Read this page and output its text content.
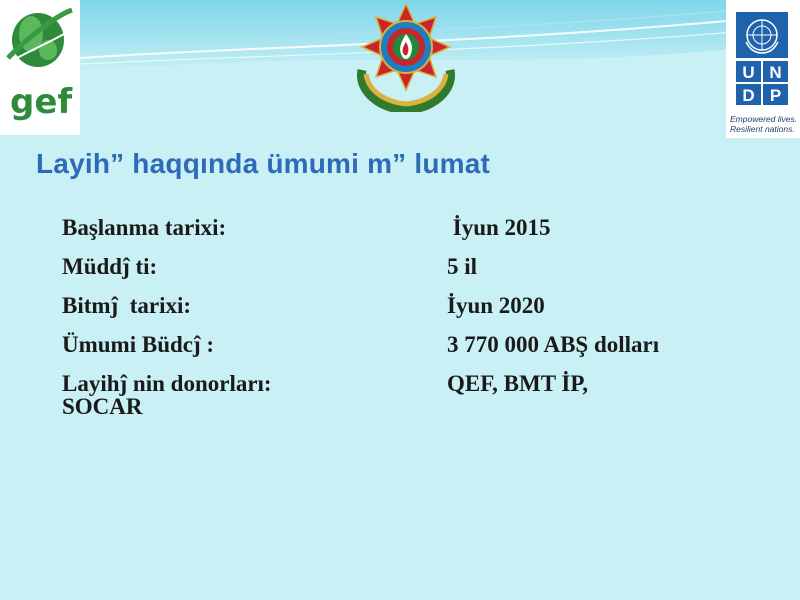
gef
U N
D P
Empowered lives.
Resilient nations.
Layih” haqqında ümumi m” lumat
Başlanma tarixi:	İyun 2015
Müddĵ ti:	5 il
Bitmĵ  tarixi:	İyun 2020
Ümumi Büdcĵ :	3 770 000 ABŞ dolları
Layihĵ nin donorları:	QEF, BMT İP,

SOCAR
